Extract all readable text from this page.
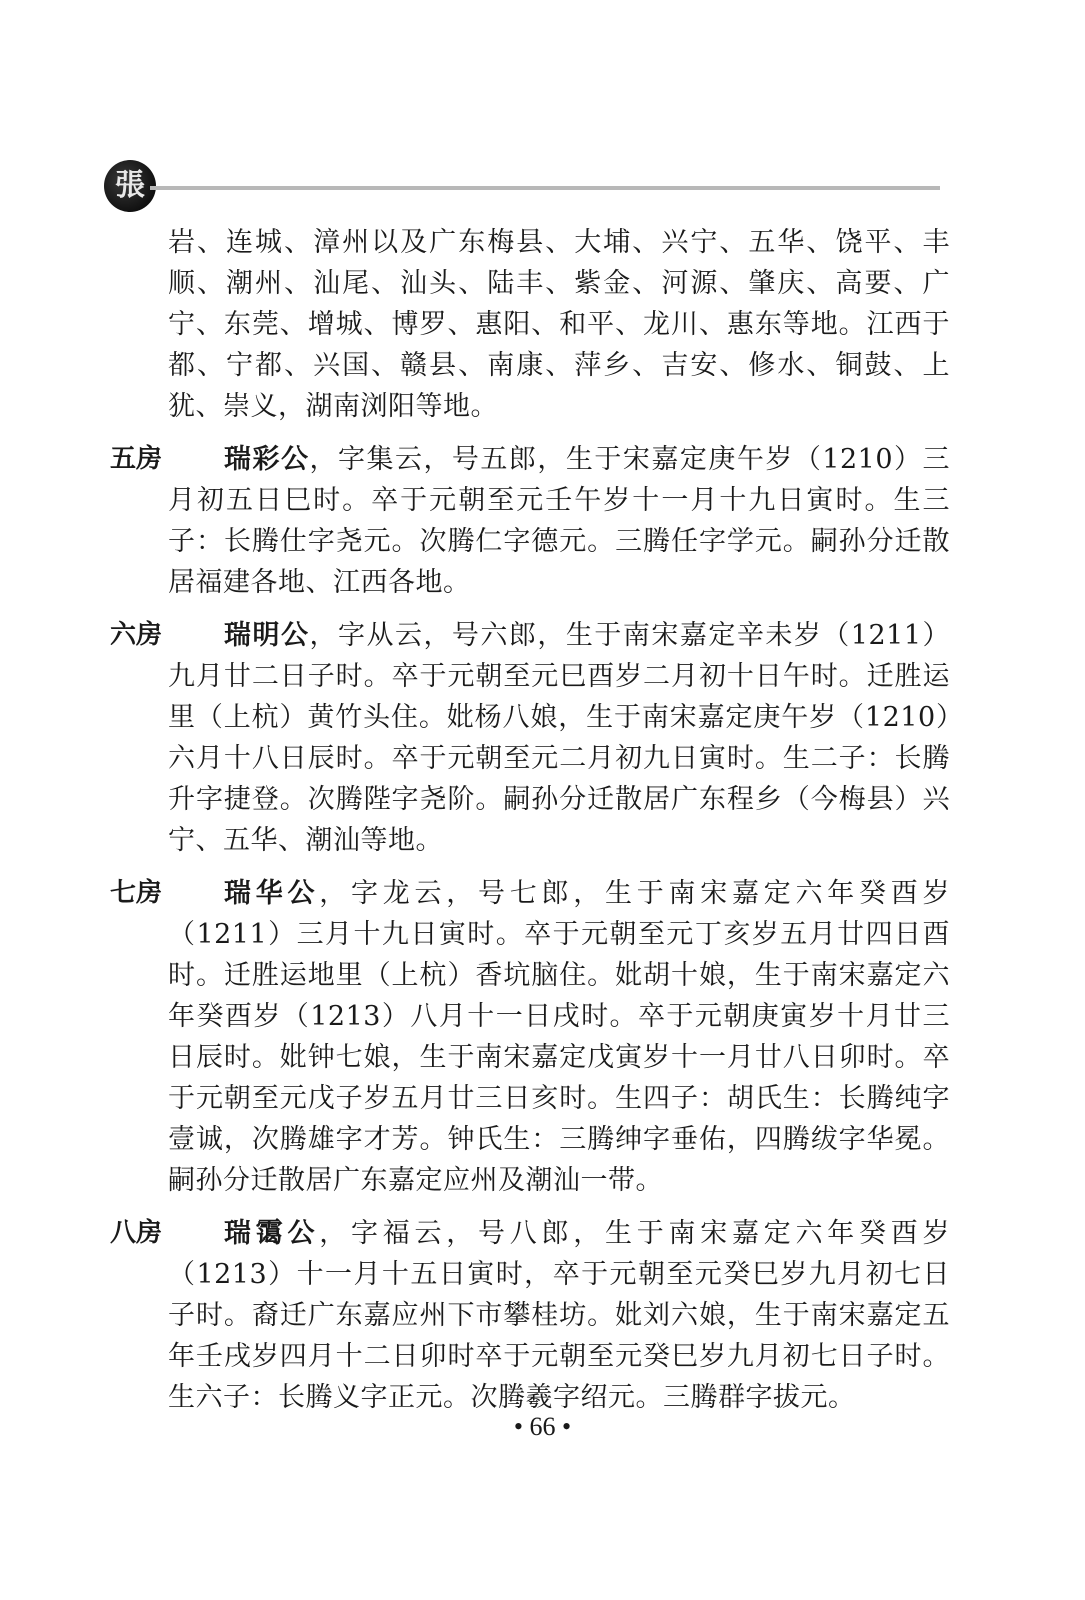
張
岩、连城、漳州以及广东梅县、大埔、兴宁、五华、饶平、丰顺、潮州、汕尾、汕头、陆丰、紫金、河源、肇庆、高要、广宁、东莞、增城、博罗、惠阳、和平、龙川、惠东等地。江西于都、宁都、兴国、赣县、南康、萍乡、吉安、修水、铜鼓、上犹、崇义，湖南浏阳等地。
五房	瑞彩公，字集云，号五郎，生于宋嘉定庚午岁（1210）三月初五日巳时。卒于元朝至元壬午岁十一月十九日寅时。生三子：长腾仕字尧元。次腾仁字德元。三腾任字学元。嗣孙分迁散居福建各地、江西各地。
六房	瑞明公，字从云，号六郎，生于南宋嘉定辛未岁（1211）九月廿二日子时。卒于元朝至元巳酉岁二月初十日午时。迁胜运里（上杭）黄竹头住。妣杨八娘，生于南宋嘉定庚午岁（1210）六月十八日辰时。卒于元朝至元二月初九日寅时。生二子：长腾升字捷登。次腾陛字尧阶。嗣孙分迁散居广东程乡（今梅县）兴宁、五华、潮汕等地。
七房	瑞华公，字龙云，号七郎，生于南宋嘉定六年癸酉岁（1211）三月十九日寅时。卒于元朝至元丁亥岁五月廿四日酉时。迁胜运地里（上杭）香坑脑住。妣胡十娘，生于南宋嘉定六年癸酉岁（1213）八月十一日戌时。卒于元朝庚寅岁十月廿三日辰时。妣钟七娘，生于南宋嘉定戊寅岁十一月廿八日卯时。卒于元朝至元戊子岁五月廿三日亥时。生四子：胡氏生：长腾纯字壹诚，次腾雄字才芳。钟氏生：三腾绅字垂佑，四腾绂字华冕。嗣孙分迁散居广东嘉定应州及潮汕一带。
八房	瑞霭公，字福云，号八郎，生于南宋嘉定六年癸酉岁（1213）十一月十五日寅时，卒于元朝至元癸巳岁九月初七日子时。裔迁广东嘉应州下市攀桂坊。妣刘六娘，生于南宋嘉定五年壬戌岁四月十二日卯时卒于元朝至元癸巳岁九月初七日子时。生六子：长腾义字正元。次腾羲字绍元。三腾群字拔元。
• 66 •
